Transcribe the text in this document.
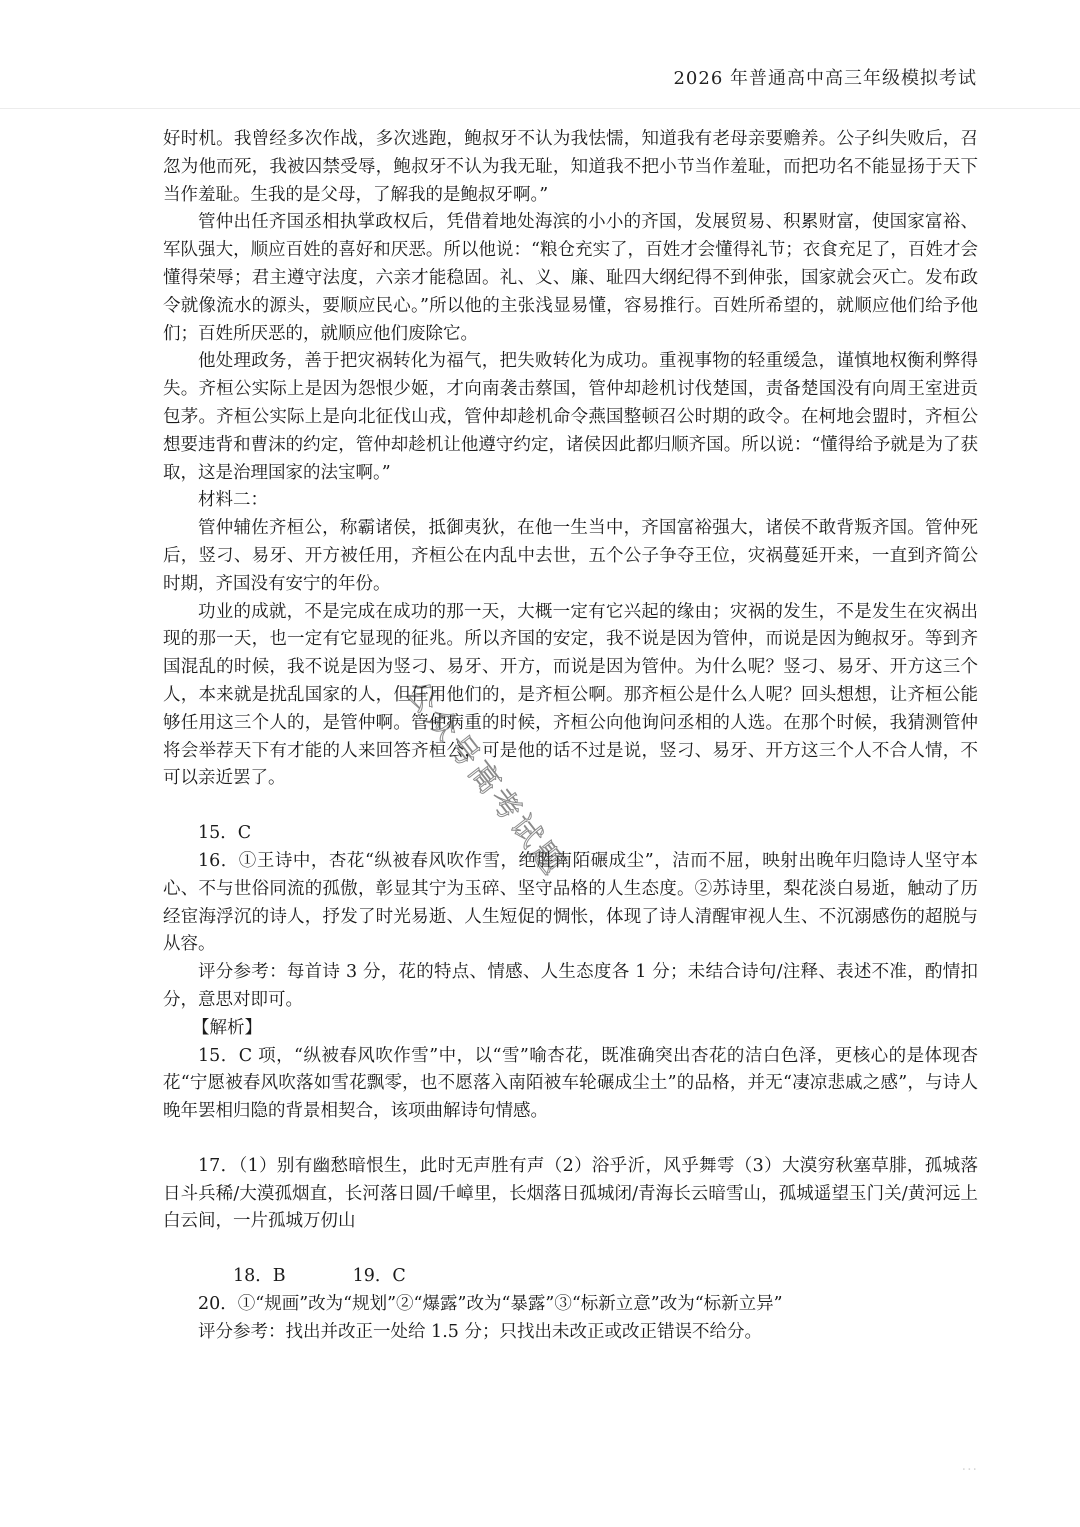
2026 年普通高中高三年级模拟考试

好时机。我曾经多次作战，多次逃跑，鲍叔牙不认为我怯懦，知道我有老母亲要赡养。公子纠失败后，召忽为他而死，我被囚禁受辱，鲍叔牙不认为我无耻，知道我不把小节当作羞耻，而把功名不能显扬于天下当作羞耻。生我的是父母，了解我的是鲍叔牙啊。”

管仲出任齐国丞相执掌政权后，凭借着地处海滨的小小的齐国，发展贸易、积累财富，使国家富裕、军队强大，顺应百姓的喜好和厌恶。所以他说：“粮仓充实了，百姓才会懂得礼节；衣食充足了，百姓才会懂得荣辱；君主遵守法度，六亲才能稳固。礼、义、廉、耻四大纲纪得不到伸张，国家就会灭亡。发布政令就像流水的源头，要顺应民心。”所以他的主张浅显易懂，容易推行。百姓所希望的，就顺应他们给予他们；百姓所厌恶的，就顺应他们废除它。

他处理政务，善于把灾祸转化为福气，把失败转化为成功。重视事物的轻重缓急，谨慎地权衡利弊得失。齐桓公实际上是因为怨恨少姬，才向南袭击蔡国，管仲却趁机讨伐楚国，责备楚国没有向周王室进贡包茅。齐桓公实际上是向北征伐山戎，管仲却趁机命令燕国整顿召公时期的政令。在柯地会盟时，齐桓公想要违背和曹沫的约定，管仲却趁机让他遵守约定，诸侯因此都归顺齐国。所以说：“懂得给予就是为了获取，这是治理国家的法宝啊。”

材料二：

管仲辅佐齐桓公，称霸诸侯，抵御夷狄，在他一生当中，齐国富裕强大，诸侯不敢背叛齐国。管仲死后，竖刁、易牙、开方被任用，齐桓公在内乱中去世，五个公子争夺王位，灾祸蔓延开来，一直到齐简公时期，齐国没有安宁的年份。

功业的成就，不是完成在成功的那一天，大概一定有它兴起的缘由；灾祸的发生，不是发生在灾祸出现的那一天，也一定有它显现的征兆。所以齐国的安定，我不说是因为管仲，而说是因为鲍叔牙。等到齐国混乱的时候，我不说是因为竖刁、易牙、开方，而说是因为管仲。为什么呢？竖刁、易牙、开方这三个人，本来就是扰乱国家的人，但任用他们的，是齐桓公啊。那齐桓公是什么人呢？回头想想，让齐桓公能够任用这三个人的，是管仲啊。管仲病重的时候，齐桓公向他询问丞相的人选。在那个时候，我猜测管仲将会举荐天下有才能的人来回答齐桓公，可是他的话不过是说，竖刁、易牙、开方这三个人不合人情，不可以亲近罢了。

15．C

16．①王诗中，杏花“纵被春风吹作雪，绝胜南陌碾成尘”，洁而不屈，映射出晚年归隐诗人坚守本心、不与世俗同流的孤傲，彰显其宁为玉碎、坚守品格的人生态度。②苏诗里，梨花淡白易逝，触动了历经宦海浮沉的诗人，抒发了时光易逝、人生短促的惆怅，体现了诗人清醒审视人生、不沉溺感伤的超脱与从容。

评分参考：每首诗 3 分，花的特点、情感、人生态度各 1 分；未结合诗句/注释、表述不准，酌情扣分，意思对即可。

【解析】

15．C 项，“纵被春风吹作雪”中，以“雪”喻杏花，既准确突出杏花的洁白色泽，更核心的是体现杏花“宁愿被春风吹落如雪花飘零，也不愿落入南陌被车轮碾成尘土”的品格，并无“凄凉悲戚之感”，与诗人晚年罢相归隐的背景相契合，该项曲解诗句情感。

17．（1）别有幽愁暗恨生，此时无声胜有声（2）浴乎沂，风乎舞雩（3）大漠穷秋塞草腓，孤城落日斗兵稀/大漠孤烟直，长河落日圆/千嶂里，长烟落日孤城闭/青海长云暗雪山，孤城遥望玉门关/黄河远上白云间，一片孤城万仞山

18．B	19．C

20．①“规画”改为“规划”②“爆露”改为“暴露”③“标新立意”改为“标新立异”

评分参考：找出并改正一处给 1.5 分；只找出未改正或改正错误不给分。

公众号高考试题
···
